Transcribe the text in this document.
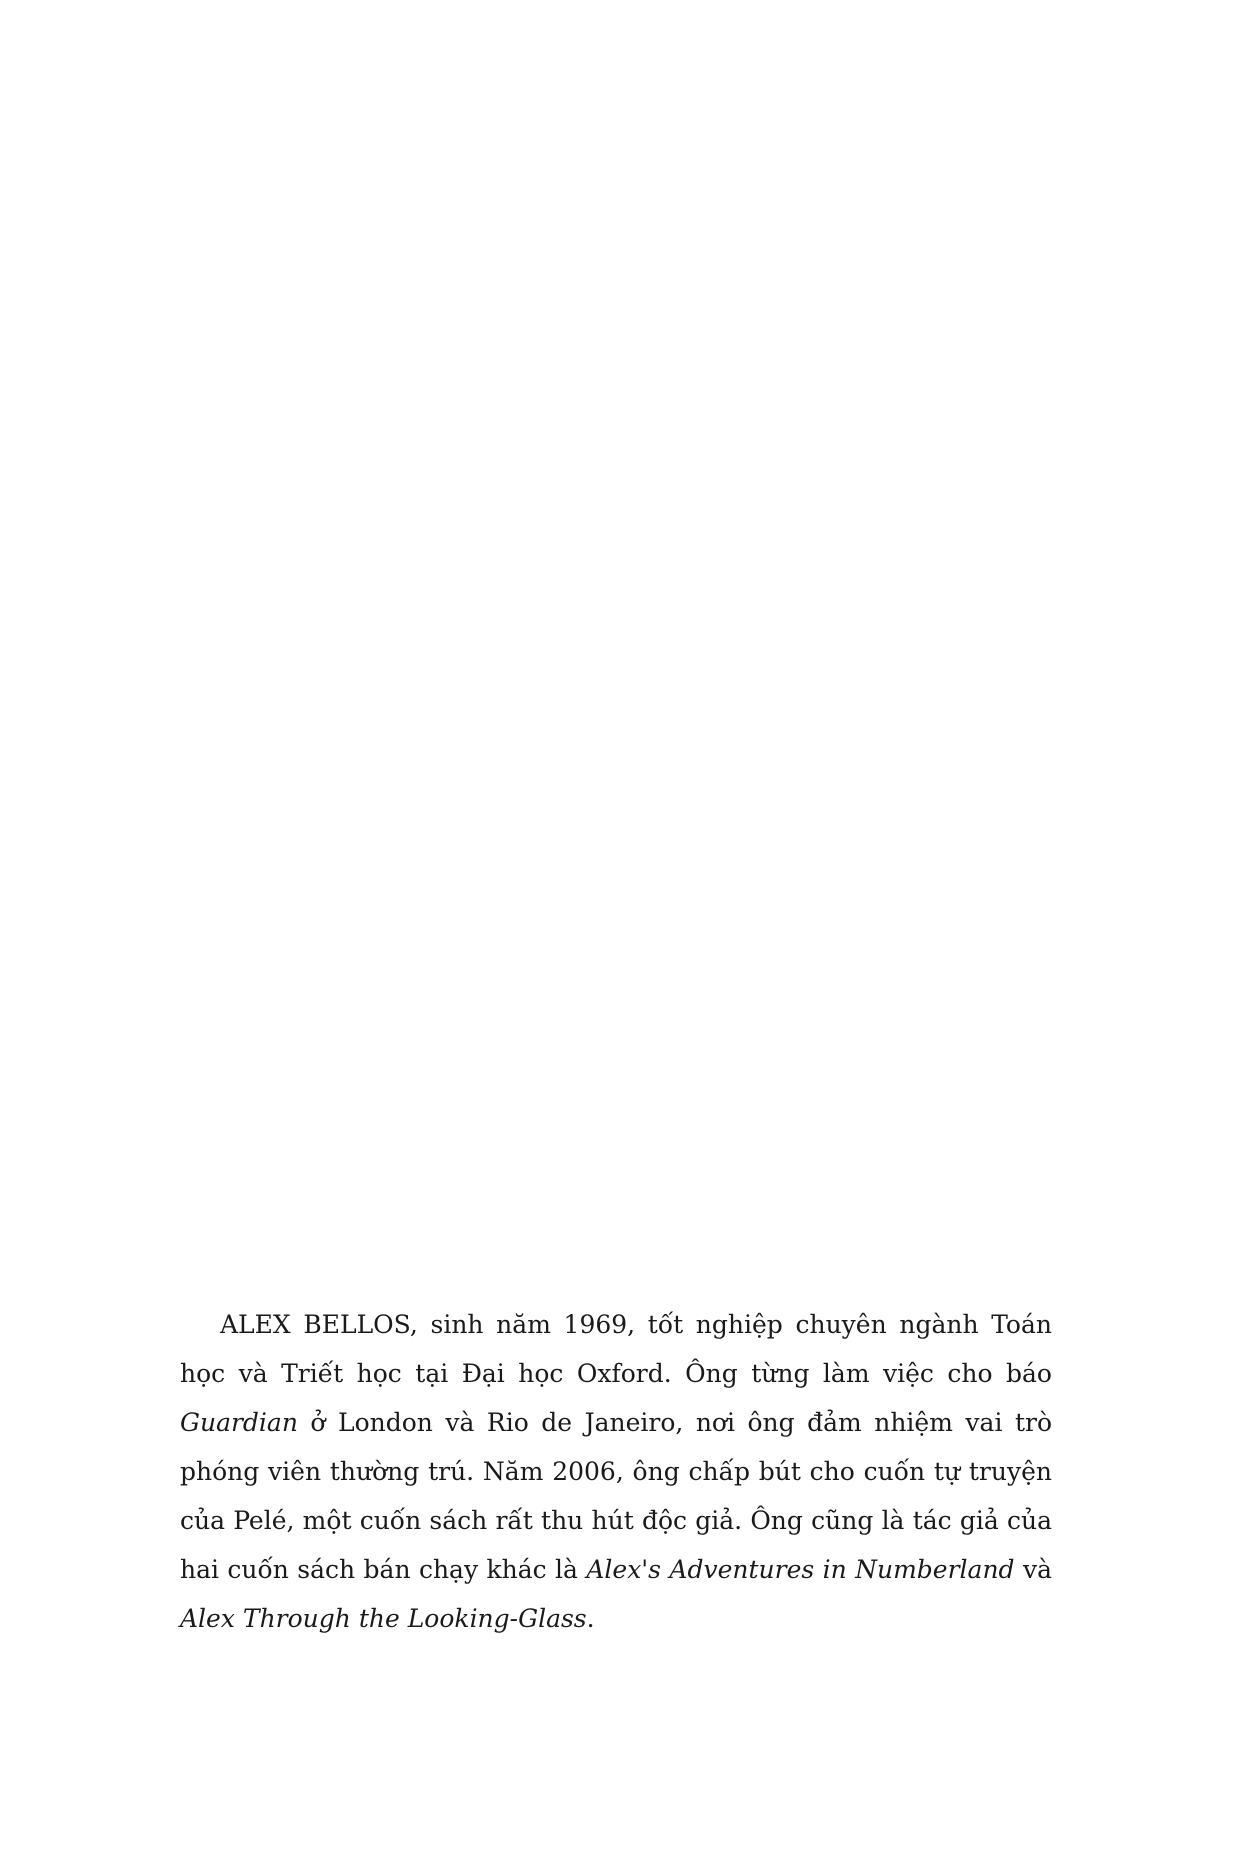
ALEX BELLOS, sinh năm 1969, tốt nghiệp chuyên ngành Toán học và Triết học tại Đại học Oxford. Ông từng làm việc cho báo Guardian ở London và Rio de Janeiro, nơi ông đảm nhiệm vai trò phóng viên thường trú. Năm 2006, ông chấp bút cho cuốn tự truyện của Pelé, một cuốn sách rất thu hút độc giả. Ông cũng là tác giả của hai cuốn sách bán chạy khác là Alex's Adventures in Numberland và Alex Through the Looking-Glass.
